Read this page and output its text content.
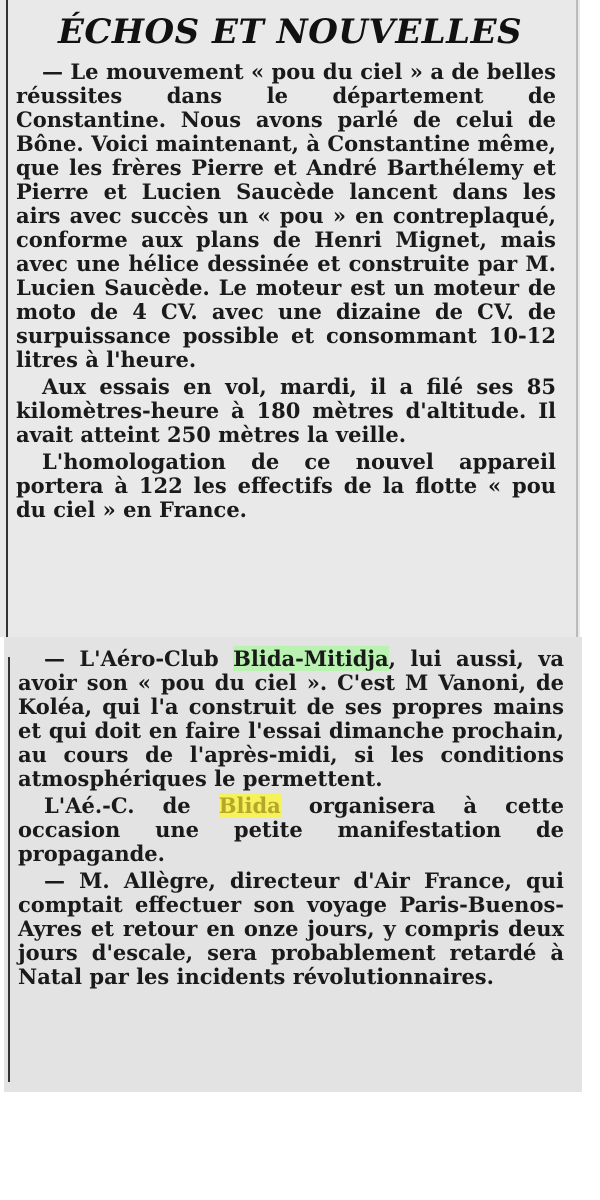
ÉCHOS ET NOUVELLES

— Le mouvement « pou du ciel » a de belles réussites dans le département de Constantine. Nous avons parlé de celui de Bône. Voici maintenant, à Constantine même, que les frères Pierre et André Barthélemy et Pierre et Lucien Saucède lancent dans les airs avec succès un « pou » en contreplaqué, conforme aux plans de Henri Mignet, mais avec une hélice dessinée et construite par M. Lucien Saucède. Le moteur est un moteur de moto de 4 CV. avec une dizaine de CV. de surpuissance possible et consommant 10-12 litres à l'heure.

Aux essais en vol, mardi, il a filé ses 85 kilomètres-heure à 180 mètres d'altitude. Il avait atteint 250 mètres la veille.

L'homologation de ce nouvel appareil portera à 122 les effectifs de la flotte « pou du ciel » en France.

— L'Aéro-Club Blida-Mitidja, lui aussi, va avoir son « pou du ciel ». C'est M Vanoni, de Koléa, qui l'a construit de ses propres mains et qui doit en faire l'essai dimanche prochain, au cours de l'après-midi, si les conditions atmosphériques le permettent.

L'Aé.-C. de Blida organisera à cette occasion une petite manifestation de propagande.

— M. Allègre, directeur d'Air France, qui comptait effectuer son voyage Paris-Buenos-Ayres et retour en onze jours, y compris deux jours d'escale, sera probablement retardé à Natal par les incidents révolutionnaires.
